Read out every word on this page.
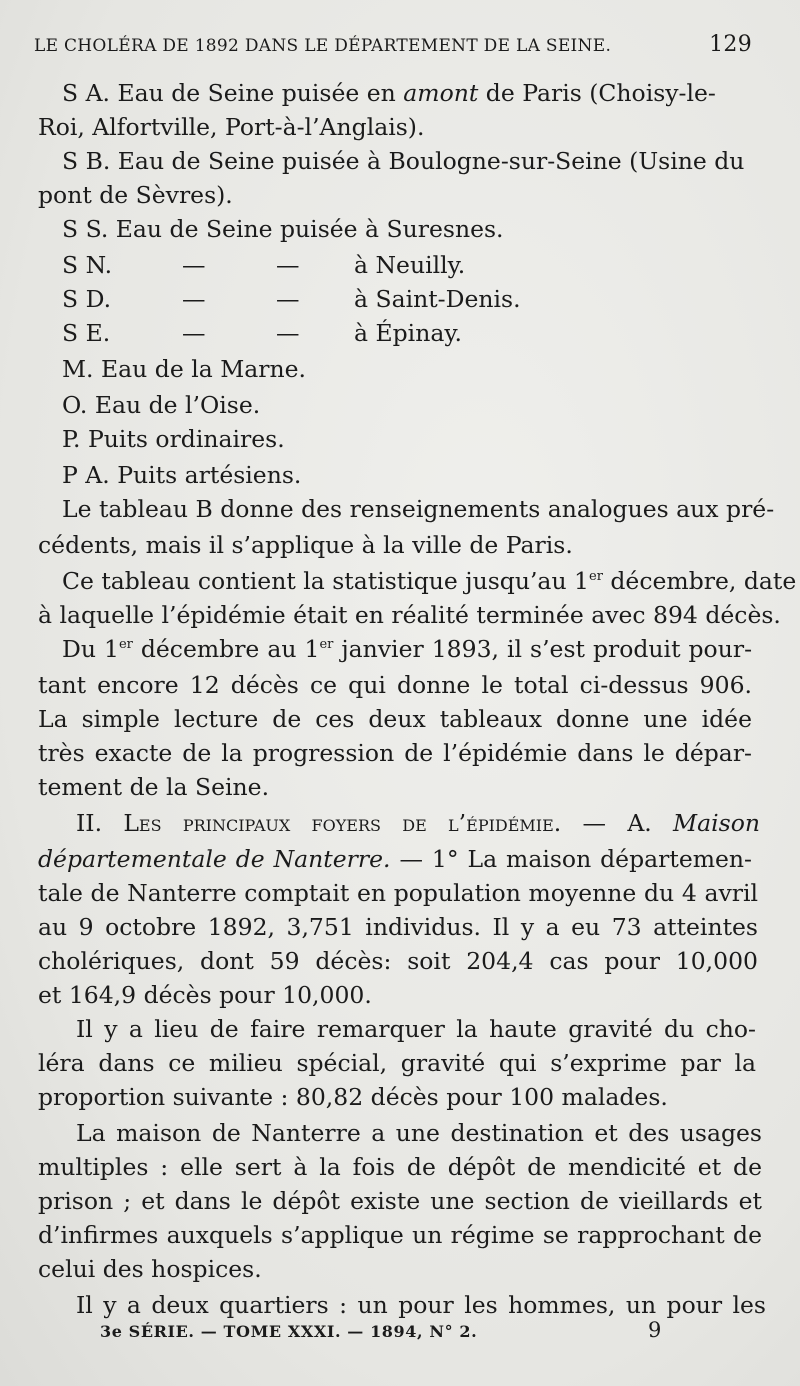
LE CHOLÉRA DE 1892 DANS LE DÉPARTEMENT DE LA SEINE.	129
S A. Eau de Seine puisée en amont de Paris (Choisy-le-
Roi, Alfortville, Port-à-l’Anglais).
S B. Eau de Seine puisée à Boulogne-sur-Seine (Usine du
pont de Sèvres).
S S. Eau de Seine puisée à Suresnes.
S N.	—	— à Neuilly.
S D.	—	— à Saint-Denis.
S E.	—	— à Épinay.
M. Eau de la Marne.
O. Eau de l’Oise.
P. Puits ordinaires.
P A. Puits artésiens.
Le tableau B donne des renseignements analogues aux pré-
cédents, mais il s’applique à la ville de Paris.
Ce tableau contient la statistique jusqu’au 1er décembre, date
à laquelle l’épidémie était en réalité terminée avec 894 décès.
Du 1er décembre au 1er janvier 1893, il s’est produit pour-
tant encore 12 décès ce qui donne le total ci-dessus 906.
La simple lecture de ces deux tableaux donne une idée
très exacte de la progression de l’épidémie dans le dépar-
tement de la Seine.
II. Les principaux foyers de l’épidémie. — A. Maison
départementale de Nanterre. — 1° La maison départemen-
tale de Nanterre comptait en population moyenne du 4 avril
au 9 octobre 1892, 3,751 individus. Il y a eu 73 atteintes
cholériques, dont 59 décès: soit 204,4 cas pour 10,000
et 164,9 décès pour 10,000.
Il y a lieu de faire remarquer la haute gravité du cho-
léra dans ce milieu spécial, gravité qui s’exprime par la
proportion suivante : 80,82 décès pour 100 malades.
La maison de Nanterre a une destination et des usages
multiples : elle sert à la fois de dépôt de mendicité et de
prison ; et dans le dépôt existe une section de vieillards et
d’infirmes auxquels s’applique un régime se rapprochant de
celui des hospices.
Il y a deux quartiers : un pour les hommes, un pour les
3e SÉRIE. — TOME XXXI. — 1894, N° 2.	9
